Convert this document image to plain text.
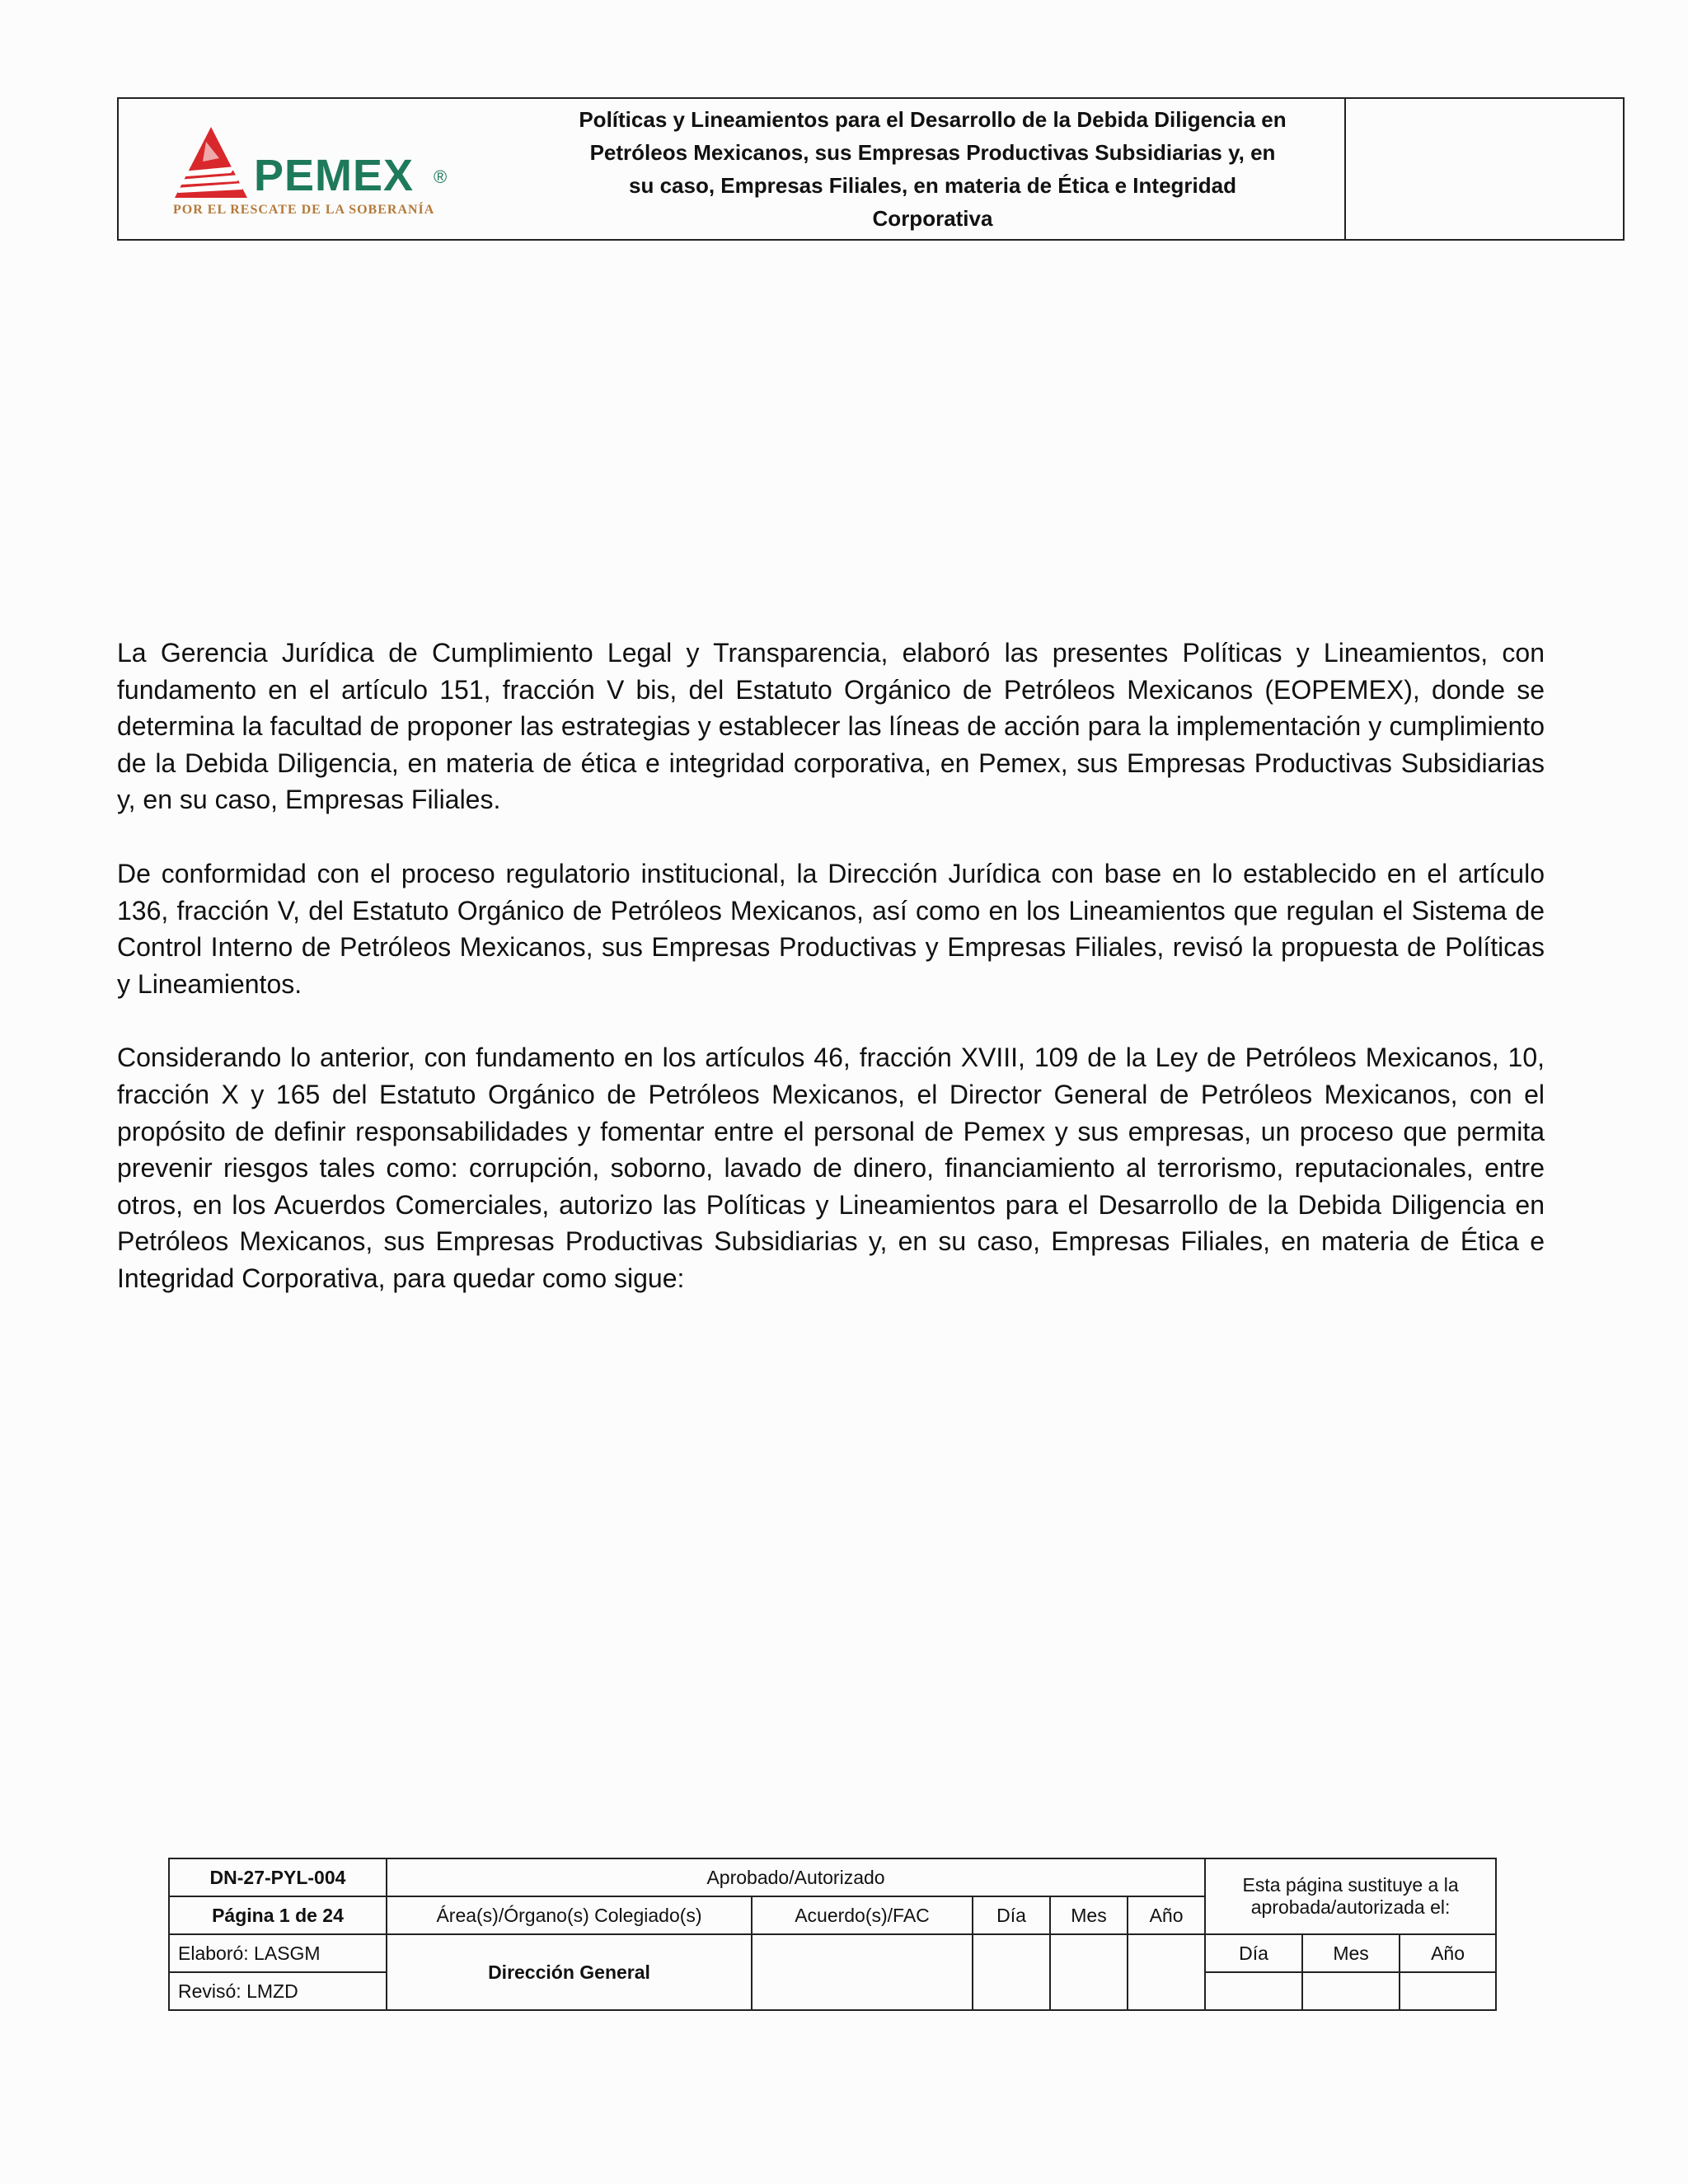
PEMEX ®
POR EL RESCATE DE LA SOBERANÍA
Políticas y Lineamientos para el Desarrollo de la Debida Diligencia en Petróleos Mexicanos, sus Empresas Productivas Subsidiarias y, en su caso, Empresas Filiales, en materia de Ética e Integridad Corporativa

La Gerencia Jurídica de Cumplimiento Legal y Transparencia, elaboró las presentes Políticas y Lineamientos, con fundamento en el artículo 151, fracción V bis, del Estatuto Orgánico de Petróleos Mexicanos (EOPEMEX), donde se determina la facultad de proponer las estrategias y establecer las líneas de acción para la implementación y cumplimiento de la Debida Diligencia, en materia de ética e integridad corporativa, en Pemex, sus Empresas Productivas Subsidiarias y, en su caso, Empresas Filiales.

De conformidad con el proceso regulatorio institucional, la Dirección Jurídica con base en lo establecido en el artículo 136, fracción V, del Estatuto Orgánico de Petróleos Mexicanos, así como en los Lineamientos que regulan el Sistema de Control Interno de Petróleos Mexicanos, sus Empresas Productivas y Empresas Filiales, revisó la propuesta de Políticas y Lineamientos.

Considerando lo anterior, con fundamento en los artículos 46, fracción XVIII, 109 de la Ley de Petróleos Mexicanos, 10, fracción X y 165 del Estatuto Orgánico de Petróleos Mexicanos, el Director General de Petróleos Mexicanos, con el propósito de definir responsabilidades y fomentar entre el personal de Pemex y sus empresas, un proceso que permita prevenir riesgos tales como: corrupción, soborno, lavado de dinero, financiamiento al terrorismo, reputacionales, entre otros, en los Acuerdos Comerciales, autorizo las Políticas y Lineamientos para el Desarrollo de la Debida Diligencia en Petróleos Mexicanos, sus Empresas Productivas Subsidiarias y, en su caso, Empresas Filiales, en materia de Ética e Integridad Corporativa, para quedar como sigue:

DN-27-PYL-004	Aprobado/Autorizado					Esta página sustituye a la aprobada/autorizada el:		
Página 1 de 24	Área(s)/Órgano(s) Colegiado(s)	Acuerdo(s)/FAC	Día	Mes	Año			
Elaboró: LASGM	Dirección General					Día	Mes	Año
Revisó: LMZD								
